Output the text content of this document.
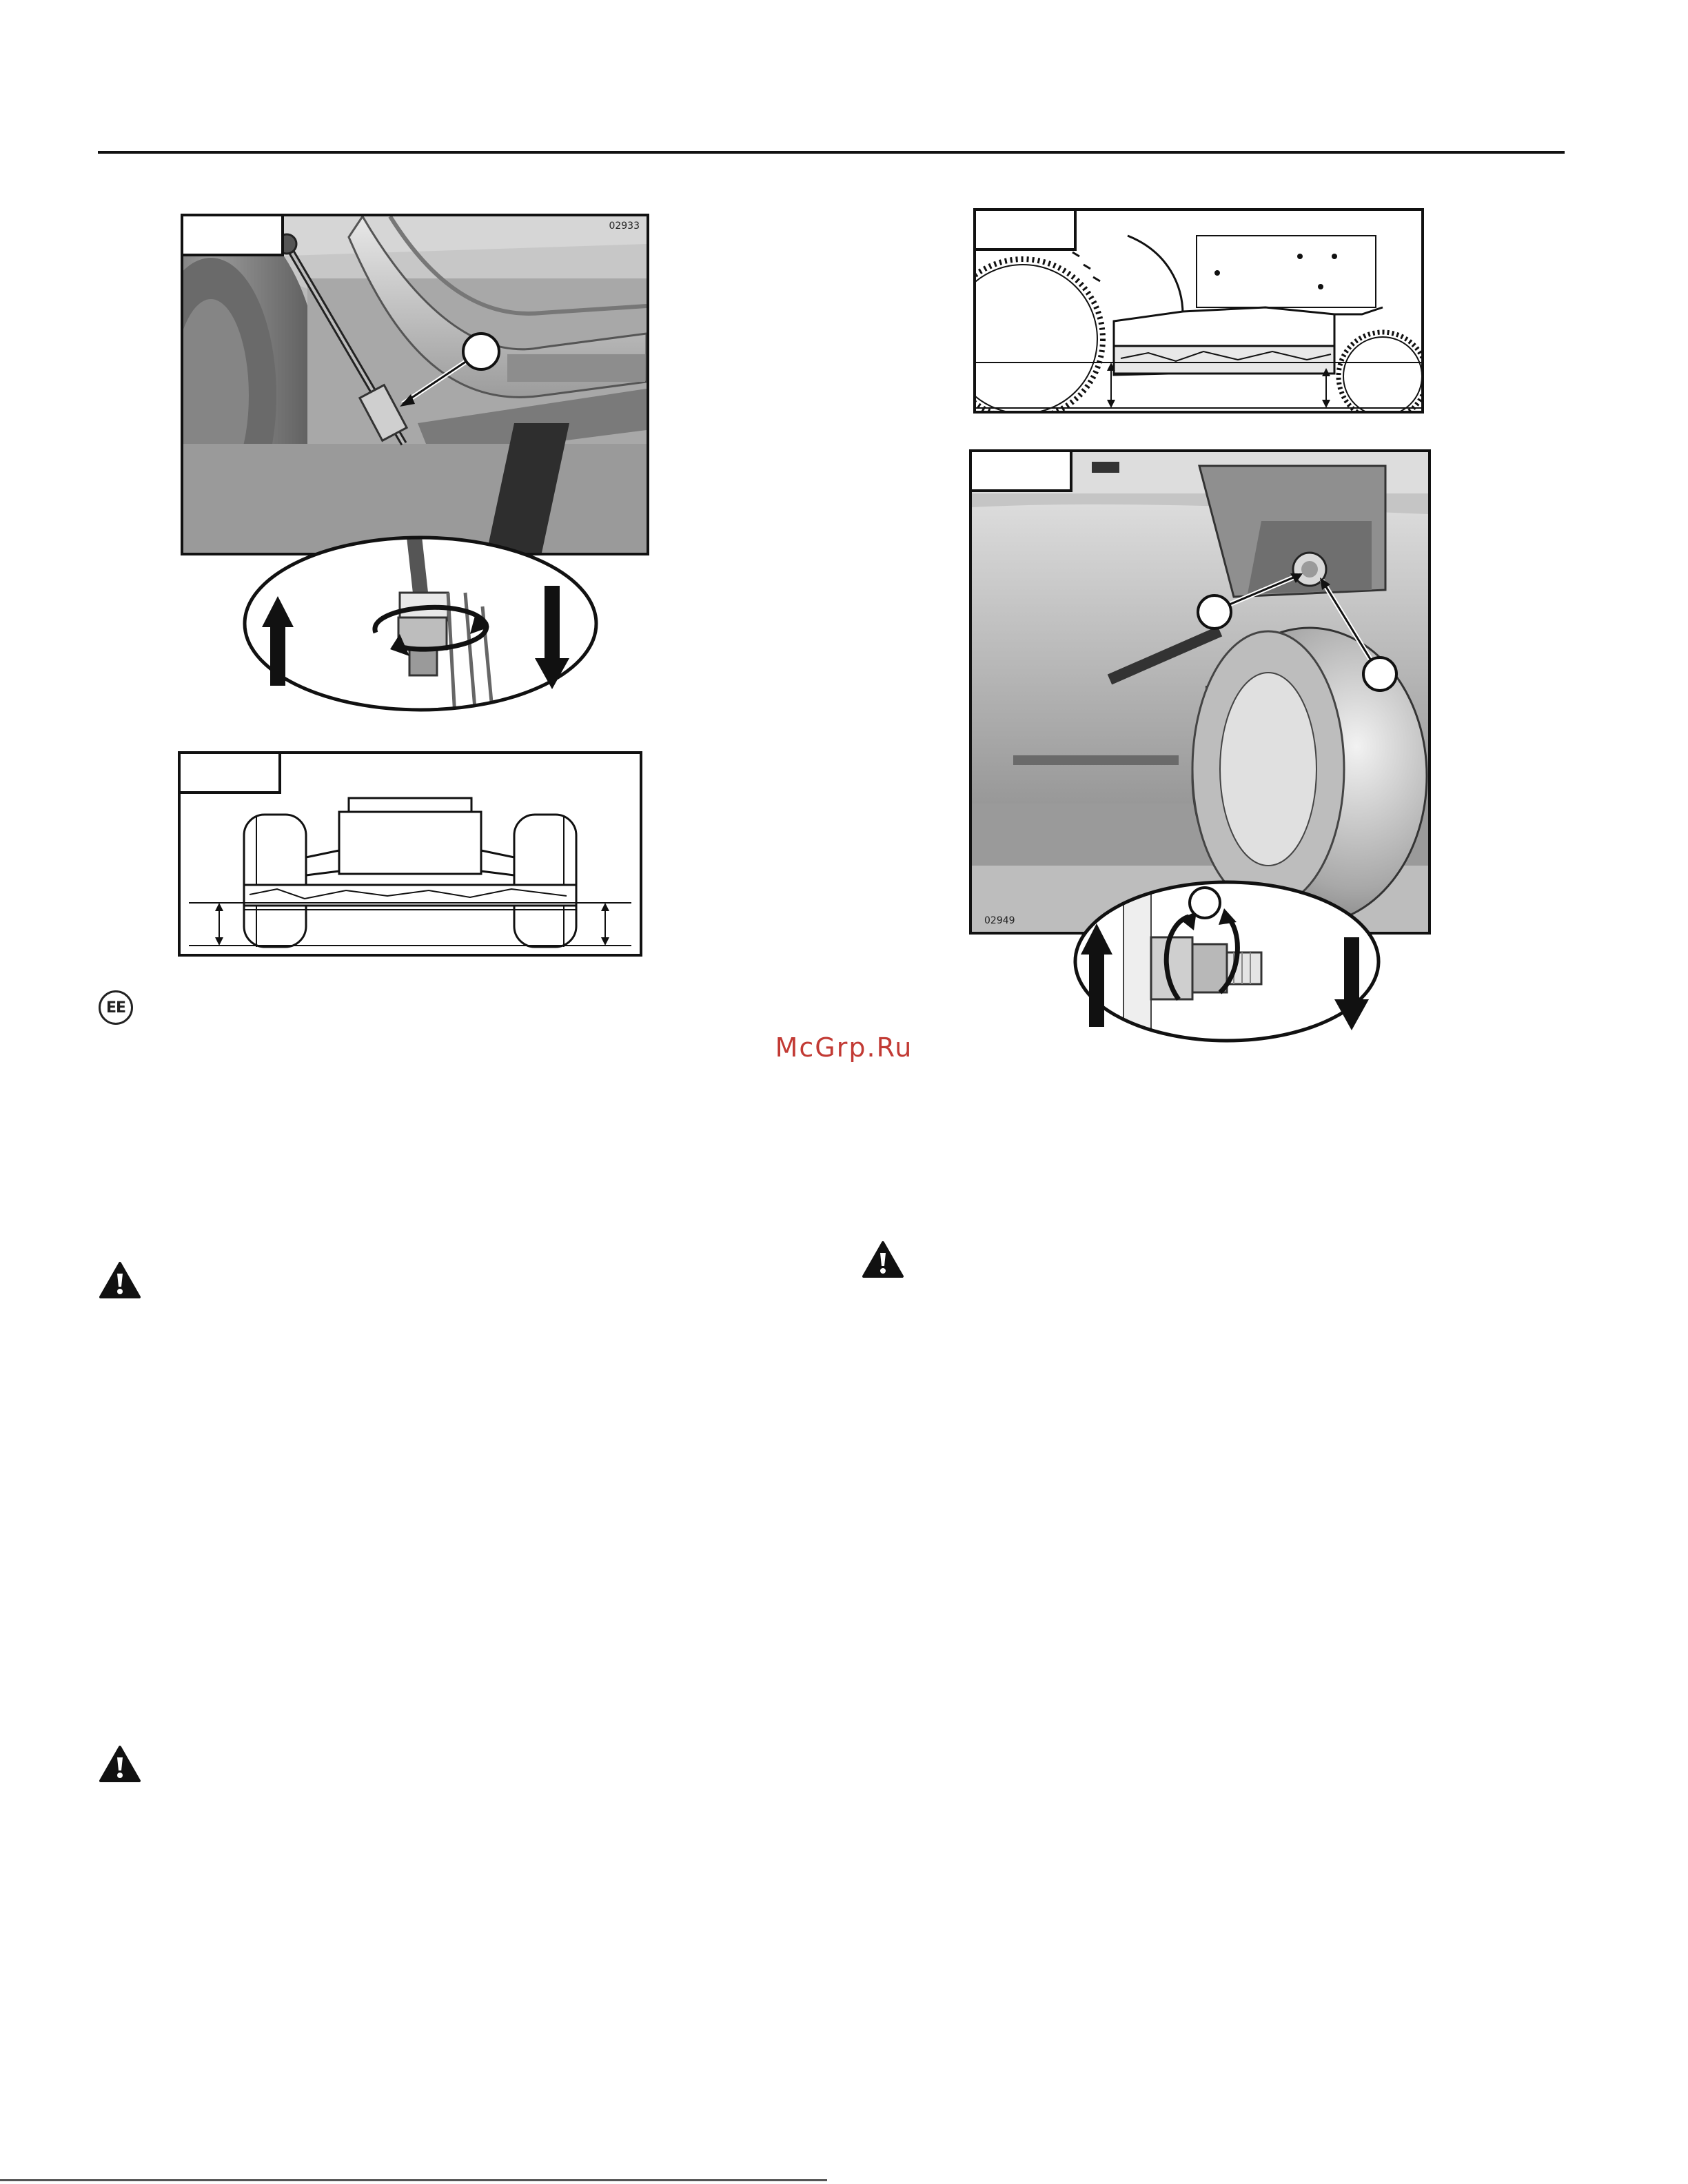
02933
EE
02949
McGrp.Ru
